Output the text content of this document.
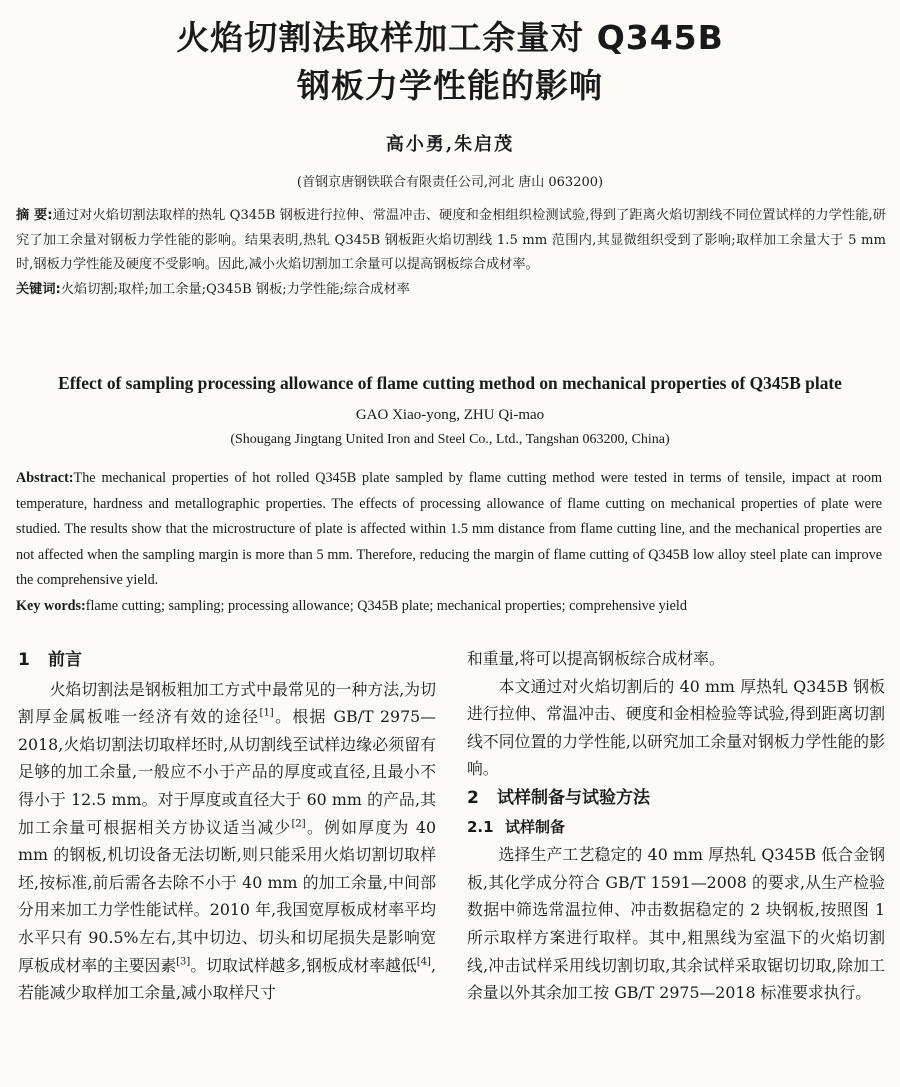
火焰切割法取样加工余量对 Q345B
钢板力学性能的影响
高小勇,朱启茂
(首钢京唐钢铁联合有限责任公司,河北 唐山 063200)
摘 要:通过对火焰切割法取样的热轧 Q345B 钢板进行拉伸、常温冲击、硬度和金相组织检测试验,得到了距离火焰切割线不同位置试样的力学性能,研究了加工余量对钢板力学性能的影响。结果表明,热轧 Q345B 钢板距火焰切割线 1.5 mm 范围内,其显微组织受到了影响;取样加工余量大于 5 mm 时,钢板力学性能及硬度不受影响。因此,减小火焰切割加工余量可以提高钢板综合成材率。
关键词:火焰切割;取样;加工余量;Q345B 钢板;力学性能;综合成材率
Effect of sampling processing allowance of flame cutting method on mechanical properties of Q345B plate
GAO Xiao-yong, ZHU Qi-mao
(Shougang Jingtang United Iron and Steel Co., Ltd., Tangshan 063200, China)
Abstract:The mechanical properties of hot rolled Q345B plate sampled by flame cutting method were tested in terms of tensile, impact at room temperature, hardness and metallographic properties. The effects of processing allowance of flame cutting on mechanical properties of plate were studied. The results show that the microstructure of plate is affected within 1.5 mm distance from flame cutting line, and the mechanical properties are not affected when the sampling margin is more than 5 mm. Therefore, reducing the margin of flame cutting of Q345B low alloy steel plate can improve the comprehensive yield.
Key words:flame cutting; sampling; processing allowance; Q345B plate; mechanical properties; comprehensive yield
1 前言

火焰切割法是钢板粗加工方式中最常见的一种方法,为切割厚金属板唯一经济有效的途径[1]。根据 GB/T 2975—2018,火焰切割法切取样坯时,从切割线至试样边缘必须留有足够的加工余量,一般应不小于产品的厚度或直径,且最小不得小于 12.5 mm。对于厚度或直径大于 60 mm 的产品,其加工余量可根据相关方协议适当减少[2]。例如厚度为 40 mm 的钢板,机切设备无法切断,则只能采用火焰切割切取样坯,按标准,前后需各去除不小于 40 mm 的加工余量,中间部分用来加工力学性能试样。2010 年,我国宽厚板成材率平均水平只有 90.5%左右,其中切边、切头和切尾损失是影响宽厚板成材率的主要因素[3]。切取试样越多,钢板成材率越低[4],若能减少取样加工余量,减小取样尺寸

和重量,将可以提高钢板综合成材率。

本文通过对火焰切割后的 40 mm 厚热轧 Q345B 钢板进行拉伸、常温冲击、硬度和金相检验等试验,得到距离切割线不同位置的力学性能,以研究加工余量对钢板力学性能的影响。

2 试样制备与试验方法
2.1 试样制备

选择生产工艺稳定的 40 mm 厚热轧 Q345B 低合金钢板,其化学成分符合 GB/T 1591—2008 的要求,从生产检验数据中筛选常温拉伸、冲击数据稳定的 2 块钢板,按照图 1 所示取样方案进行取样。其中,粗黑线为室温下的火焰切割线,冲击试样采用线切割切取,其余试样采取锯切切取,除加工余量以外其余加工按 GB/T 2975—2018 标准要求执行。
